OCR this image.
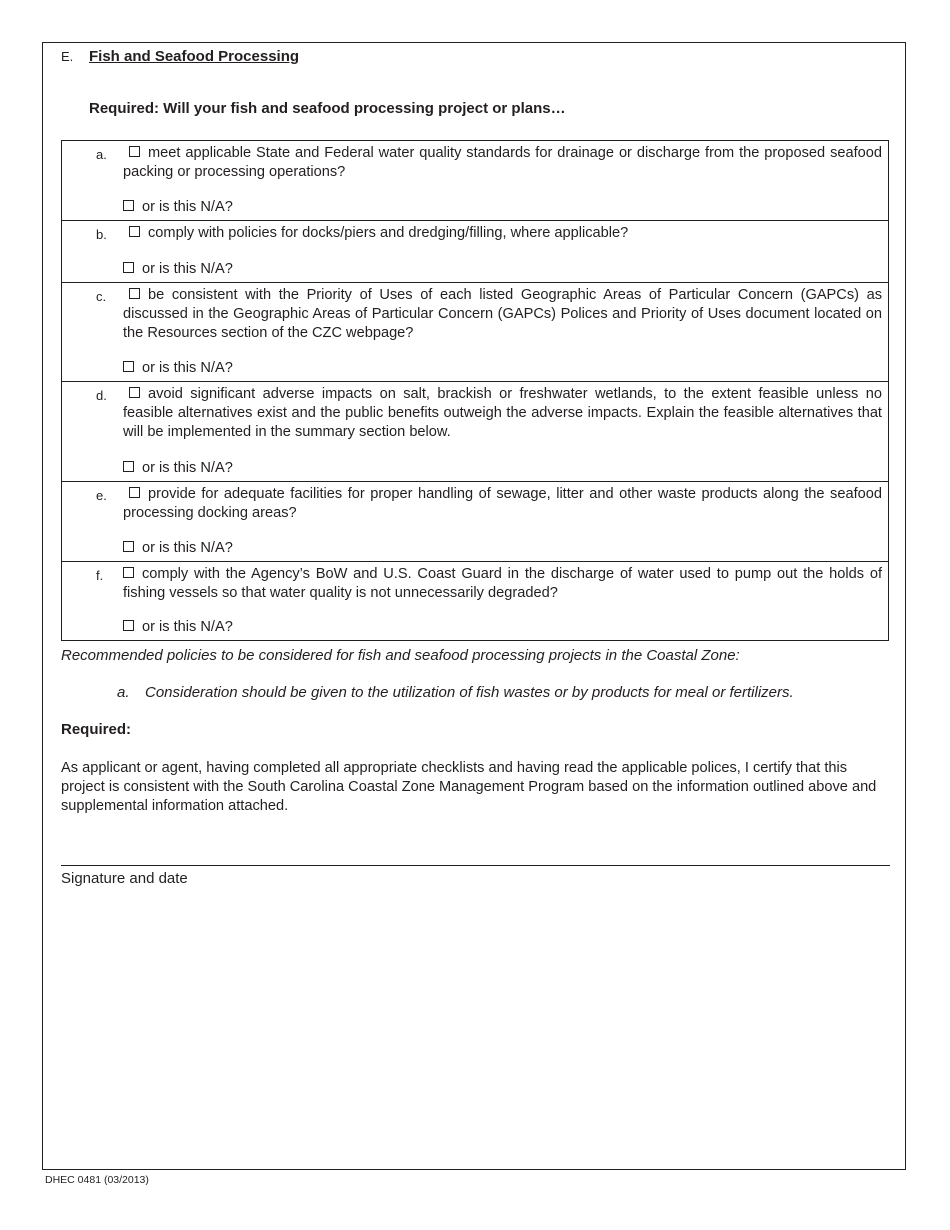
E. Fish and Seafood Processing
Required: Will your fish and seafood processing project or plans…
a.	meet applicable State and Federal water quality standards for drainage or discharge from the proposed seafood packing or processing operations?
or is this N/A?
b.	comply with policies for docks/piers and dredging/filling, where applicable?
or is this N/A?
c.	be consistent with the Priority of Uses of each listed Geographic Areas of Particular Concern (GAPCs) as discussed in the Geographic Areas of Particular Concern (GAPCs) Polices and Priority of Uses document located on the Resources section of the CZC webpage?
or is this N/A?
d.	avoid significant adverse impacts on salt, brackish or freshwater wetlands, to the extent feasible unless no feasible alternatives exist and the public benefits outweigh the adverse impacts. Explain the feasible alternatives that will be implemented in the summary section below.
or is this N/A?
e.	provide for adequate facilities for proper handling of sewage, litter and other waste products along the seafood processing docking areas?
or is this N/A?
f.	comply with the Agency’s BoW and U.S. Coast Guard in the discharge of water used to pump out the holds of fishing vessels so that water quality is not unnecessarily degraded?
or is this N/A?
Recommended policies to be considered for fish and seafood processing projects in the Coastal Zone:
a. Consideration should be given to the utilization of fish wastes or by products for meal or fertilizers.
Required:
As applicant or agent, having completed all appropriate checklists and having read the applicable polices, I certify that this project is consistent with the South Carolina Coastal Zone Management Program based on the information outlined above and supplemental information attached.
Signature and date
DHEC 0481 (03/2013)
